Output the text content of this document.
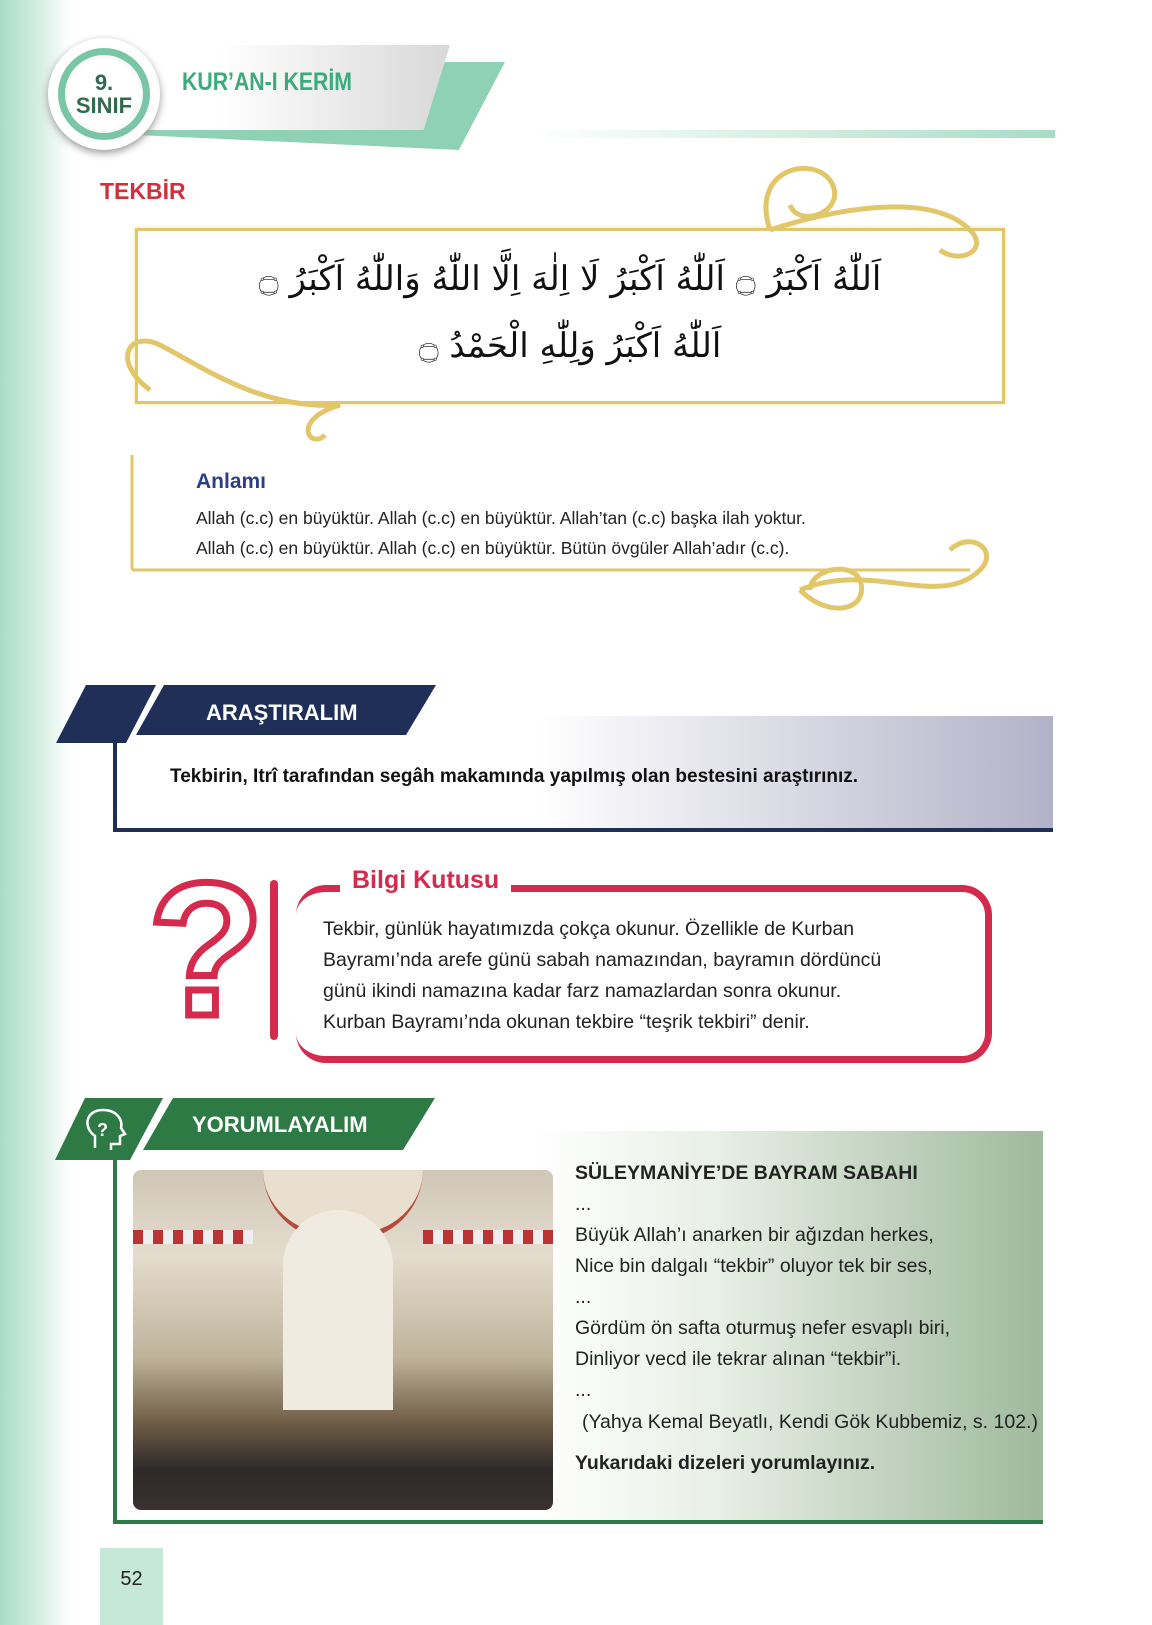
9.
SINIF
KUR’AN-I KERİM
TEKBİR
اَللّٰهُ اَكْبَرُ ۝ اَللّٰهُ اَكْبَرُ لَا اِلٰهَ اِلَّا اللّٰهُ وَاللّٰهُ اَكْبَرُ ۝
اَللّٰهُ اَكْبَرُ وَلِلّٰهِ الْحَمْدُ ۝
Anlamı
Allah (c.c) en büyüktür. Allah (c.c) en büyüktür. Allah’tan (c.c) başka ilah yoktur.
Allah (c.c) en büyüktür. Allah (c.c) en büyüktür. Bütün övgüler Allah’adır (c.c).
ARAŞTIRALIM
Tekbirin, Itrî tarafından segâh makamında yapılmış olan bestesini araştırınız.
?	Bilgi Kutusu
Tekbir, günlük hayatımızda çokça okunur. Özellikle de Kurban
Bayramı’nda arefe günü sabah namazından, bayramın dördüncü
günü ikindi namazına kadar farz namazlardan sonra okunur.
Kurban Bayramı’nda okunan tekbire “teşrik tekbiri” denir.
?	YORUMLAYALIM
SÜLEYMANİYE’DE BAYRAM SABAHI
...
Büyük Allah’ı anarken bir ağızdan herkes,
Nice bin dalgalı “tekbir” oluyor tek bir ses,
...
Gördüm ön safta oturmuş nefer esvaplı biri,
Dinliyor vecd ile tekrar alınan “tekbir”i.
...
(Yahya Kemal Beyatlı, Kendi Gök Kubbemiz, s. 102.)
Yukarıdaki dizeleri yorumlayınız.
52
